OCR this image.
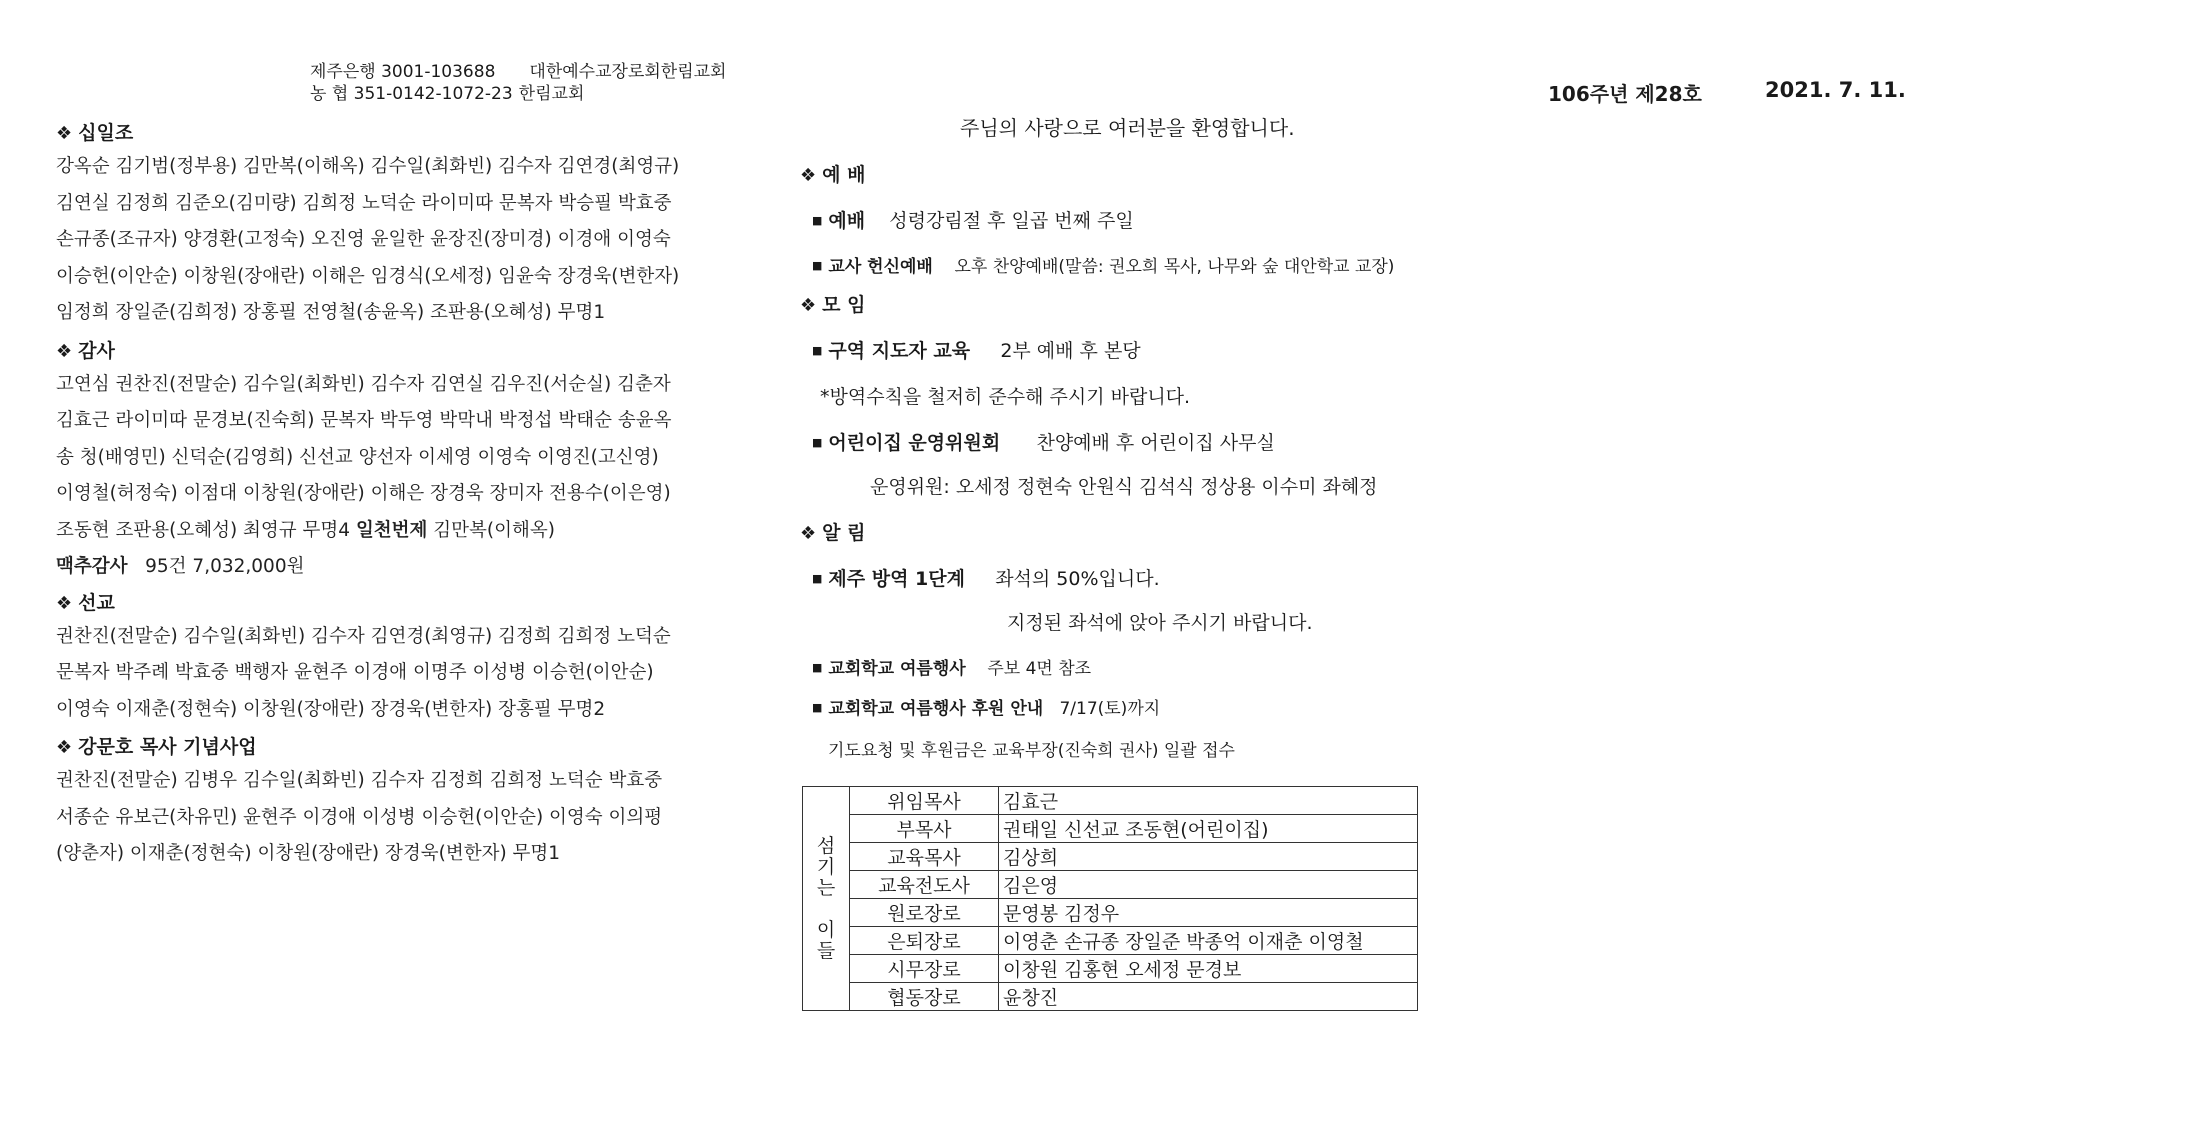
제주은행 3001-103688 대한예수교장로회한림교회
농 협 351-0142-1072-23 한림교회	106주년 제28호	2021. 7. 11.
❖ 십일조
강옥순 김기범(정부용) 김만복(이해옥) 김수일(최화빈) 김수자 김연경(최영규)
김연실 김정희 김준오(김미량) 김희정 노덕순 라이미따 문복자 박승필 박효중
손규종(조규자) 양경환(고정숙) 오진영 윤일한 윤장진(장미경) 이경애 이영숙
이승헌(이안순) 이창원(장애란) 이해은 임경식(오세정) 임윤숙 장경욱(변한자)
임정희 장일준(김희정) 장홍필 전영철(송윤옥) 조판용(오혜성) 무명1
❖ 감사
고연심 권찬진(전말순) 김수일(최화빈) 김수자 김연실 김우진(서순실) 김춘자
김효근 라이미따 문경보(진숙희) 문복자 박두영 박막내 박정섭 박태순 송윤옥
송 청(배영민) 신덕순(김영희) 신선교 양선자 이세영 이영숙 이영진(고신영)
이영철(허정숙) 이점대 이창원(장애란) 이해은 장경욱 장미자 전용수(이은영)
조동현 조판용(오혜성) 최영규 무명4 일천번제 김만복(이해옥)
맥추감사 95건 7,032,000원
❖ 선교
권찬진(전말순) 김수일(최화빈) 김수자 김연경(최영규) 김정희 김희정 노덕순
문복자 박주례 박효중 백행자 윤현주 이경애 이명주 이성병 이승헌(이안순)
이영숙 이재춘(정현숙) 이창원(장애란) 장경욱(변한자) 장홍필 무명2
❖ 강문호 목사 기념사업
권찬진(전말순) 김병우 김수일(최화빈) 김수자 김정희 김희정 노덕순 박효중
서종순 유보근(차유민) 윤현주 이경애 이성병 이승헌(이안순) 이영숙 이의평
(양춘자) 이재춘(정현숙) 이창원(장애란) 장경욱(변한자) 무명1
주님의 사랑으로 여러분을 환영합니다.
❖ 예 배
■ 예배 성령강림절 후 일곱 번째 주일
■ 교사 헌신예배 오후 찬양예배(말씀: 권오희 목사, 나무와 숲 대안학교 교장)
❖ 모 임
■ 구역 지도자 교육 2부 예배 후 본당
*방역수칙을 철저히 준수해 주시기 바랍니다.
■ 어린이집 운영위원회 찬양예배 후 어린이집 사무실
운영위원: 오세정 정현숙 안원식 김석식 정상용 이수미 좌혜정
❖ 알 림
■ 제주 방역 1단계 좌석의 50%입니다.
지정된 좌석에 앉아 주시기 바랍니다.
■ 교회학교 여름행사 주보 4면 참조
■ 교회학교 여름행사 후원 안내 7/17(토)까지
기도요청 및 후원금은 교육부장(진숙희 권사) 일괄 접수
섬
기
는
이
들	위임목사	김효근
	부목사	권태일 신선교 조동현(어린이집)
	교육목사	김상희
	교육전도사	김은영
	원로장로	문영봉 김정우
	은퇴장로	이영춘 손규종 장일준 박종억 이재춘 이영철
	시무장로	이창원 김홍현 오세정 문경보
	협동장로	윤창진
